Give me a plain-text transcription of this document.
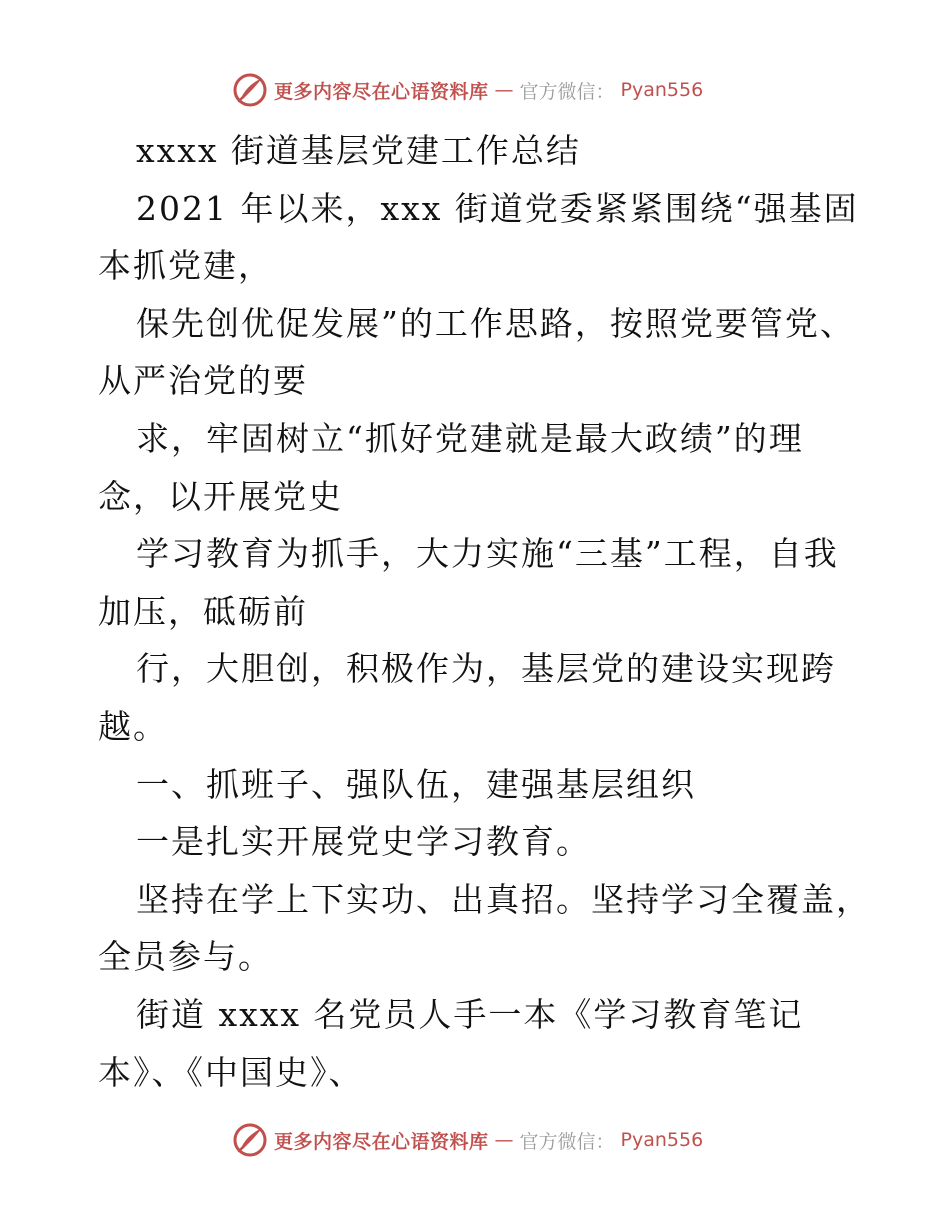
更多内容尽在心语资料库 — 官方微信： Pyan556
xxxx 街道基层党建工作总结
2021 年以来，xxx 街道党委紧紧围绕“强基固
本抓党建，
保先创优促发展”的工作思路，按照党要管党、
从严治党的要
求，牢固树立“抓好党建就是最大政绩”的理
念，以开展党史
学习教育为抓手，大力实施“三基”工程，自我
加压，砥砺前
行，大胆创，积极作为，基层党的建设实现跨
越。
一、抓班子、强队伍，建强基层组织
一是扎实开展党史学习教育。
坚持在学上下实功、出真招。坚持学习全覆盖，
全员参与。
街道 xxxx 名党员人手一本《学习教育笔记
本》、《中国史》、
更多内容尽在心语资料库 — 官方微信： Pyan556
